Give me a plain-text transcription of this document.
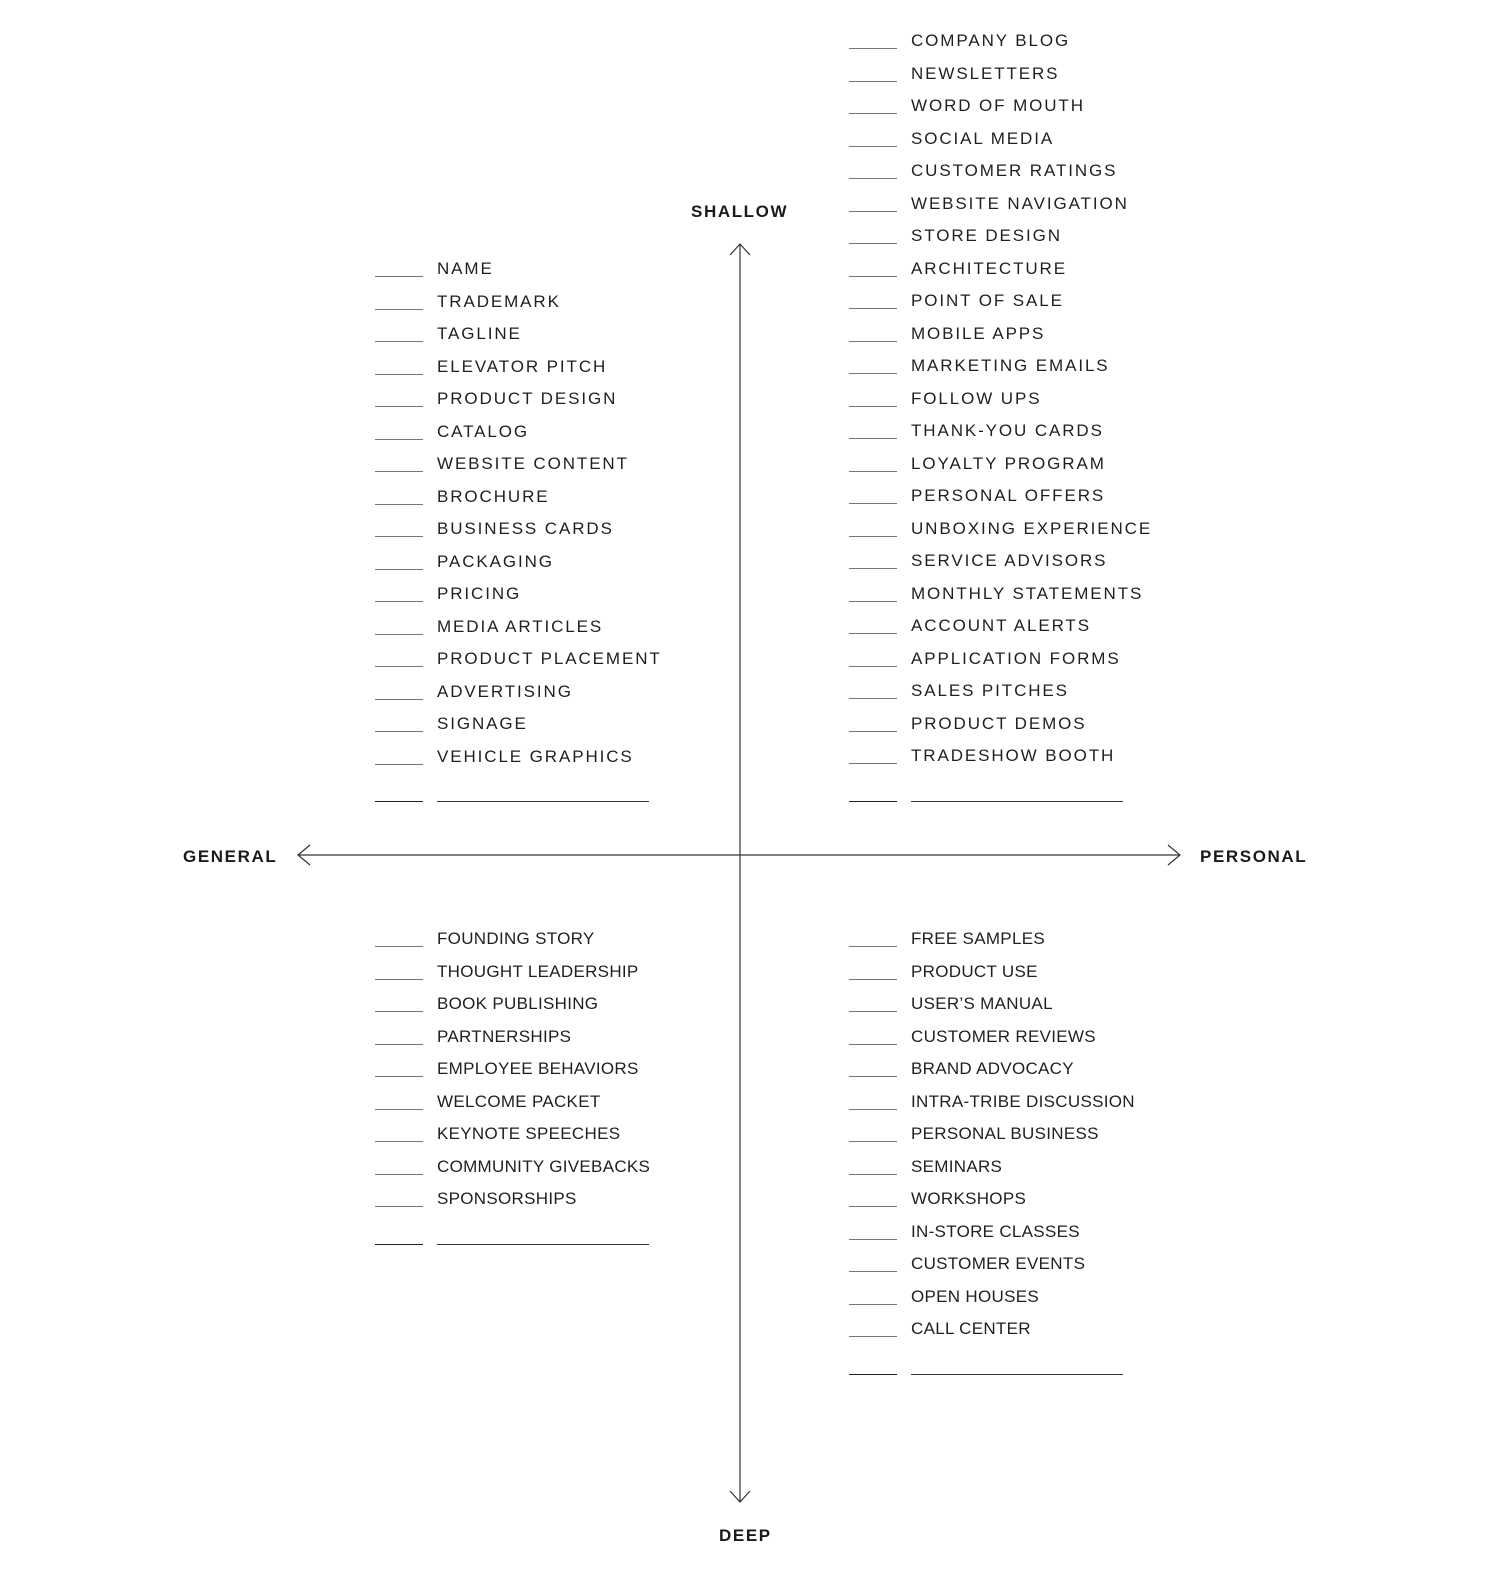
SHALLOW
DEEP
GENERAL	PERSONAL
NAME
TRADEMARK
TAGLINE
ELEVATOR PITCH
PRODUCT DESIGN
CATALOG
WEBSITE CONTENT
BROCHURE
BUSINESS CARDS
PACKAGING
PRICING
MEDIA ARTICLES
PRODUCT PLACEMENT
ADVERTISING
SIGNAGE
VEHICLE GRAPHICS
COMPANY BLOG
NEWSLETTERS
WORD OF MOUTH
SOCIAL MEDIA
CUSTOMER RATINGS
WEBSITE NAVIGATION
STORE DESIGN
ARCHITECTURE
POINT OF SALE
MOBILE APPS
MARKETING EMAILS
FOLLOW UPS
THANK-YOU CARDS
LOYALTY PROGRAM
PERSONAL OFFERS
UNBOXING EXPERIENCE
SERVICE ADVISORS
MONTHLY STATEMENTS
ACCOUNT ALERTS
APPLICATION FORMS
SALES PITCHES
PRODUCT DEMOS
TRADESHOW BOOTH
FOUNDING STORY
THOUGHT LEADERSHIP
BOOK PUBLISHING
PARTNERSHIPS
EMPLOYEE BEHAVIORS
WELCOME PACKET
KEYNOTE SPEECHES
COMMUNITY GIVEBACKS
SPONSORSHIPS
FREE SAMPLES
PRODUCT USE
USER’S MANUAL
CUSTOMER REVIEWS
BRAND ADVOCACY
INTRA-TRIBE DISCUSSION
PERSONAL BUSINESS
SEMINARS
WORKSHOPS
IN-STORE CLASSES
CUSTOMER EVENTS
OPEN HOUSES
CALL CENTER
